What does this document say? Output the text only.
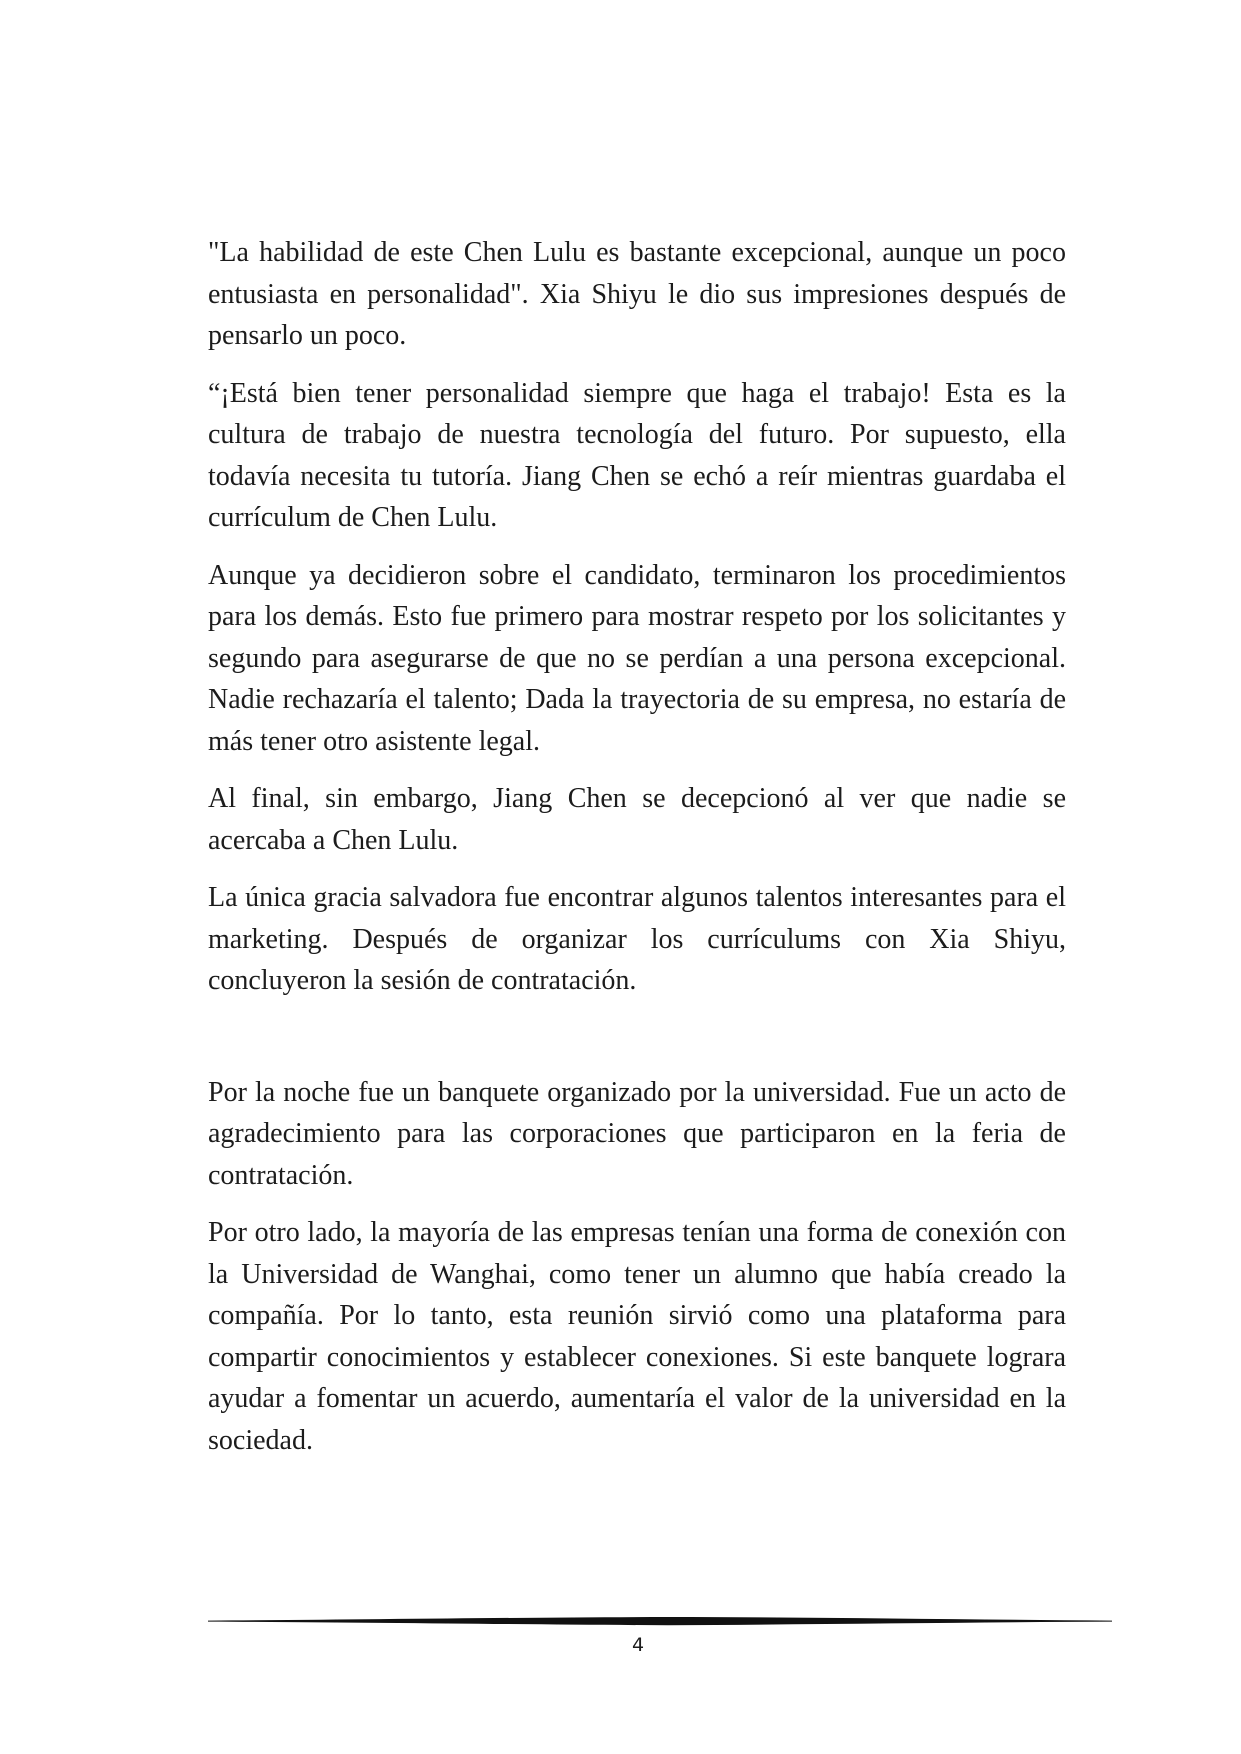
"La habilidad de este Chen Lulu es bastante excepcional, aunque un poco entusiasta en personalidad". Xia Shiyu le dio sus impresiones después de pensarlo un poco.

“¡Está bien tener personalidad siempre que haga el trabajo! Esta es la cultura de trabajo de nuestra tecnología del futuro. Por supuesto, ella todavía necesita tu tutoría. Jiang Chen se echó a reír mientras guardaba el currículum de Chen Lulu.

Aunque ya decidieron sobre el candidato, terminaron los procedimientos para los demás. Esto fue primero para mostrar respeto por los solicitantes y segundo para asegurarse de que no se perdían a una persona excepcional. Nadie rechazaría el talento; Dada la trayectoria de su empresa, no estaría de más tener otro asistente legal.

Al final, sin embargo, Jiang Chen se decepcionó al ver que nadie se acercaba a Chen Lulu.

La única gracia salvadora fue encontrar algunos talentos interesantes para el marketing. Después de organizar los currículums con Xia Shiyu, concluyeron la sesión de contratación.

Por la noche fue un banquete organizado por la universidad. Fue un acto de agradecimiento para las corporaciones que participaron en la feria de contratación.

Por otro lado, la mayoría de las empresas tenían una forma de conexión con la Universidad de Wanghai, como tener un alumno que había creado la compañía. Por lo tanto, esta reunión sirvió como una plataforma para compartir conocimientos y establecer conexiones. Si este banquete lograra ayudar a fomentar un acuerdo, aumentaría el valor de la universidad en la sociedad.

4
